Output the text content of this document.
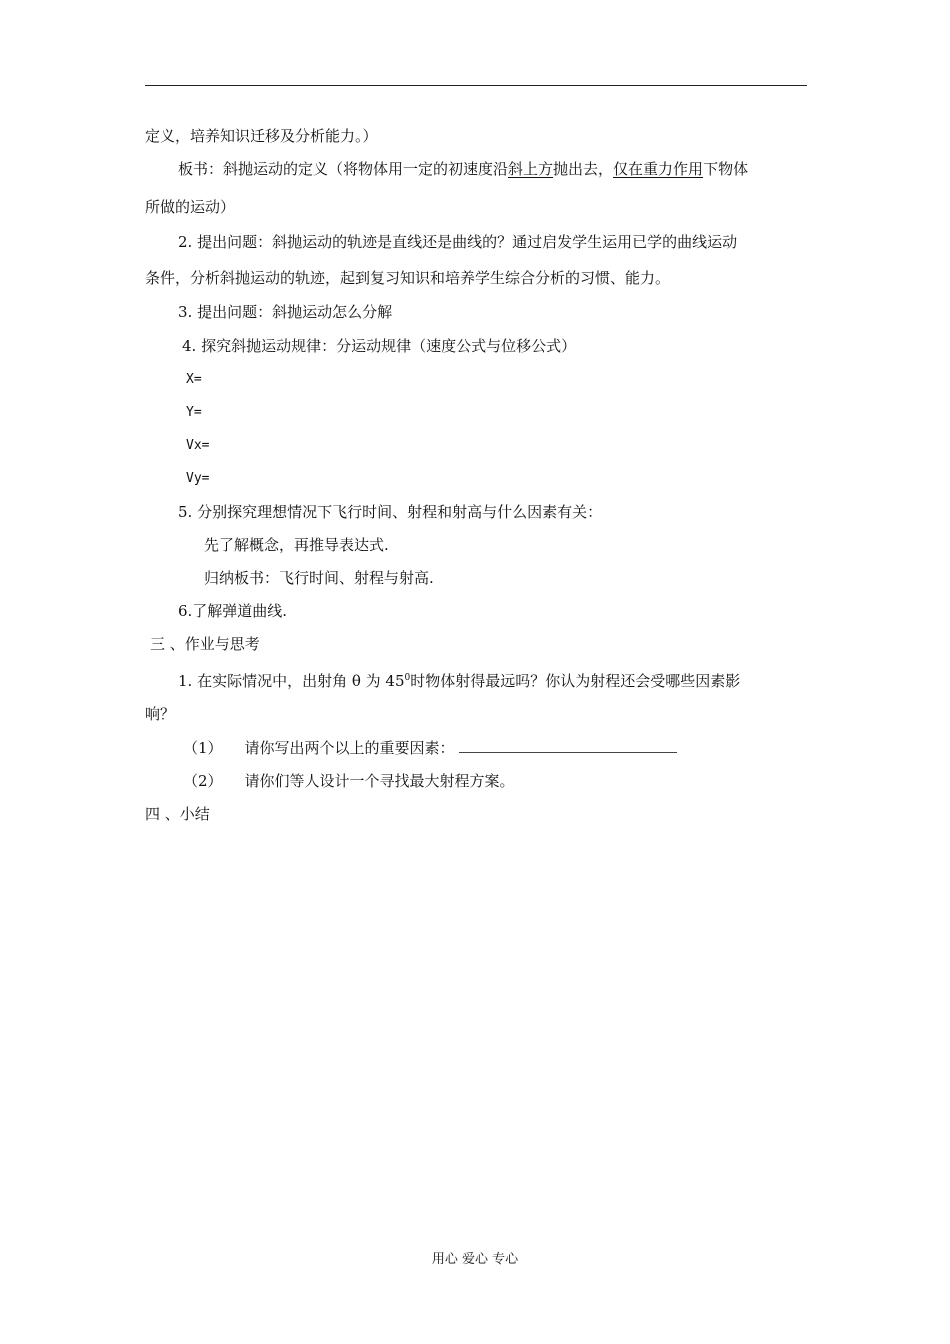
定义，培养知识迁移及分析能力。）
板书：斜抛运动的定义（将物体用一定的初速度沿斜上方抛出去，仅在重力作用下物体
所做的运动）
2. 提出问题：斜抛运动的轨迹是直线还是曲线的？通过启发学生运用已学的曲线运动
条件，分析斜抛运动的轨迹，起到复习知识和培养学生综合分析的习惯、能力。
3. 提出问题：斜抛运动怎么分解
4. 探究斜抛运动规律：分运动规律（速度公式与位移公式）
X=
Y=
Vx=
Vy=
5. 分别探究理想情况下飞行时间、射程和射高与什么因素有关：
先了解概念，再推导表达式.
归纳板书：飞行时间、射程与射高.
6.了解弹道曲线.
三 、作业与思考
1. 在实际情况中，出射角 θ 为 $45^0$时物体射得最远吗？你认为射程还会受哪些因素影
响？
（1） 请你写出两个以上的重要因素：
（2） 请你们等人设计一个寻找最大射程方案。
四 、小结
用心 爱心 专心
